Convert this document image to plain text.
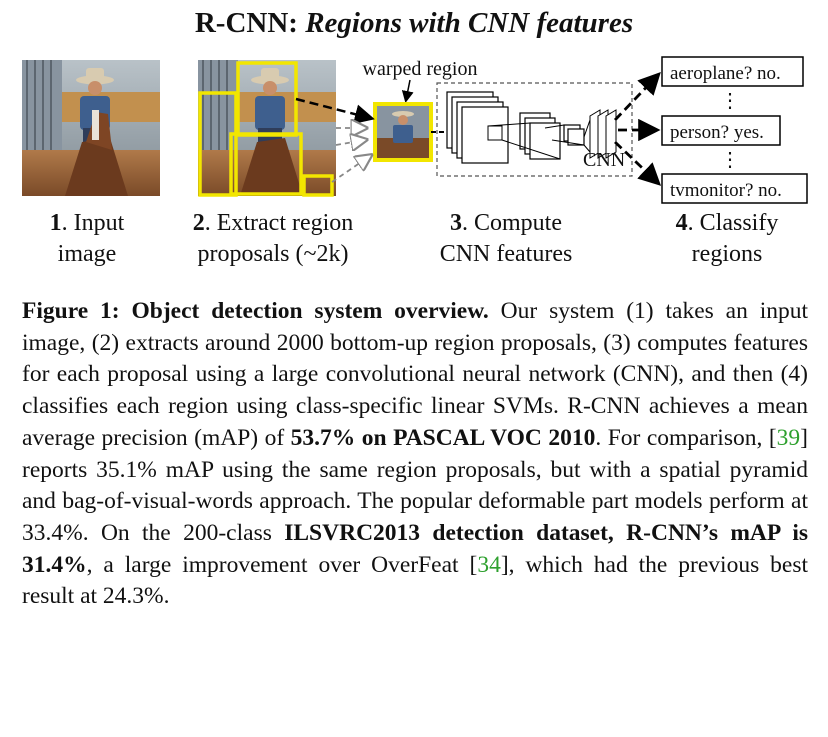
R-CNN: Regions with CNN features
warped region
CNN
aeroplane? no.
⋮
person? yes.
⋮
tvmonitor? no.
1. Input
image
2. Extract region
proposals (~2k)
3. Compute
CNN features
4. Classify
regions
Figure 1: Object detection system overview. Our system (1) takes an input image, (2) extracts around 2000 bottom-up region proposals, (3) computes features for each proposal using a large convolutional neural network (CNN), and then (4) classifies each region using class-specific linear SVMs. R-CNN achieves a mean average precision (mAP) of 53.7% on PASCAL VOC 2010. For comparison, [39] reports 35.1% mAP using the same region proposals, but with a spatial pyramid and bag-of-visual-words approach. The popular deformable part models perform at 33.4%. On the 200-class ILSVRC2013 detection dataset, R-CNN’s mAP is 31.4%, a large improvement over OverFeat [34], which had the previous best result at 24.3%.
